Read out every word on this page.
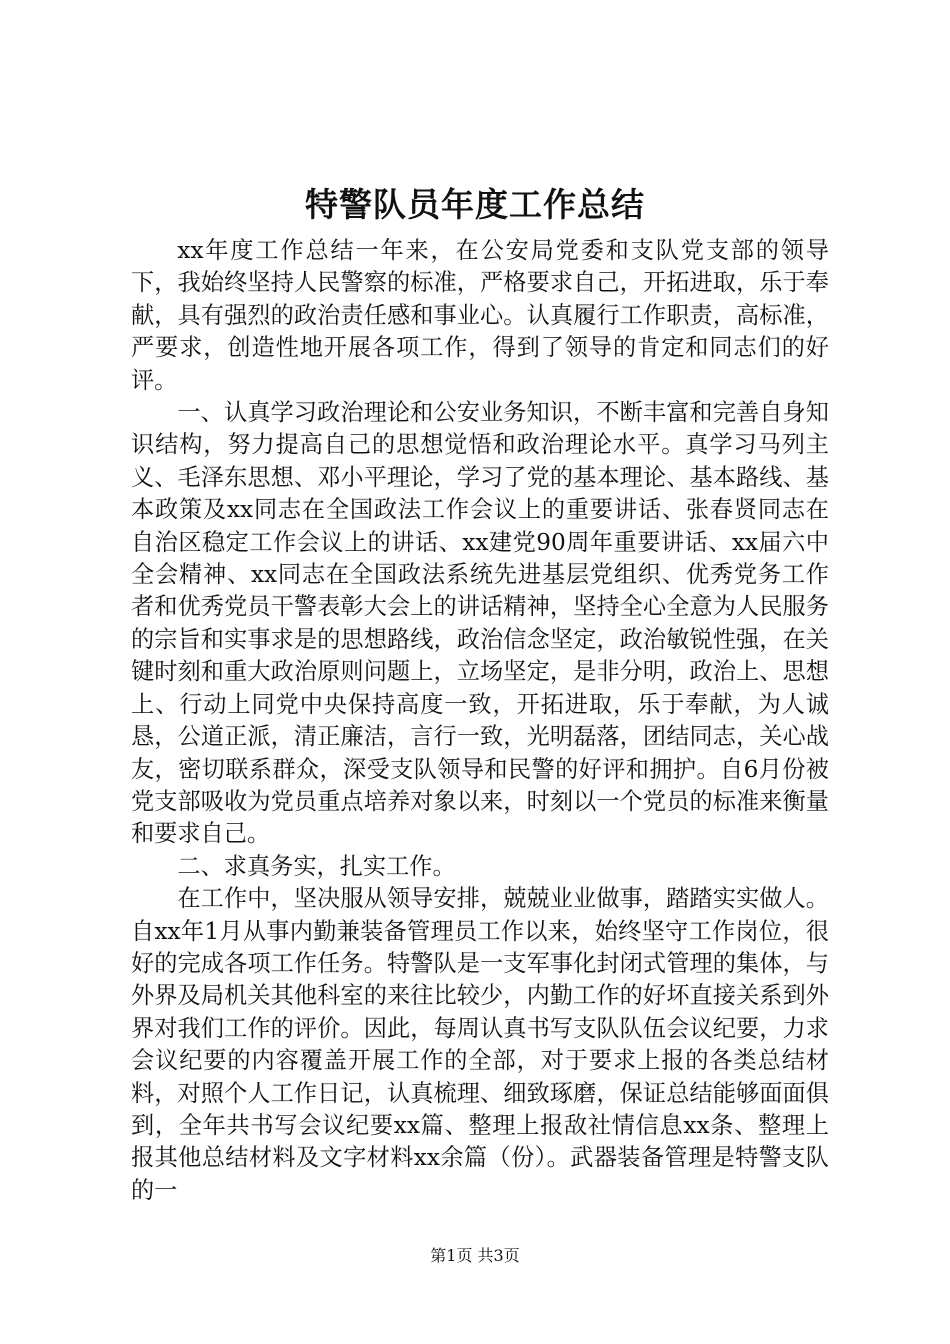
特警队员年度工作总结

xx年度工作总结一年来，在公安局党委和支队党支部的领导下，我始终坚持人民警察的标准，严格要求自己，开拓进取，乐于奉献，具有强烈的政治责任感和事业心。认真履行工作职责，高标准，严要求，创造性地开展各项工作，得到了领导的肯定和同志们的好评。

一、认真学习政治理论和公安业务知识，不断丰富和完善自身知识结构，努力提高自己的思想觉悟和政治理论水平。真学习马列主义、毛泽东思想、邓小平理论，学习了党的基本理论、基本路线、基本政策及xx同志在全国政法工作会议上的重要讲话、张春贤同志在自治区稳定工作会议上的讲话、xx建党90周年重要讲话、xx届六中全会精神、xx同志在全国政法系统先进基层党组织、优秀党务工作者和优秀党员干警表彰大会上的讲话精神，坚持全心全意为人民服务的宗旨和实事求是的思想路线，政治信念坚定，政治敏锐性强，在关键时刻和重大政治原则问题上，立场坚定，是非分明，政治上、思想上、行动上同党中央保持高度一致，开拓进取，乐于奉献，为人诚恳，公道正派，清正廉洁，言行一致，光明磊落，团结同志，关心战友，密切联系群众，深受支队领导和民警的好评和拥护。自6月份被党支部吸收为党员重点培养对象以来，时刻以一个党员的标准来衡量和要求自己。

二、求真务实，扎实工作。

在工作中，坚决服从领导安排，兢兢业业做事，踏踏实实做人。自xx年1月从事内勤兼装备管理员工作以来，始终坚守工作岗位，很好的完成各项工作任务。特警队是一支军事化封闭式管理的集体，与外界及局机关其他科室的来往比较少，内勤工作的好坏直接关系到外界对我们工作的评价。因此，每周认真书写支队队伍会议纪要，力求会议纪要的内容覆盖开展工作的全部，对于要求上报的各类总结材料，对照个人工作日记，认真梳理、细致琢磨，保证总结能够面面俱到，全年共书写会议纪要xx篇、整理上报敌社情信息xx条、整理上报其他总结材料及文字材料xx余篇（份）。武器装备管理是特警支队的一

第1页 共3页
